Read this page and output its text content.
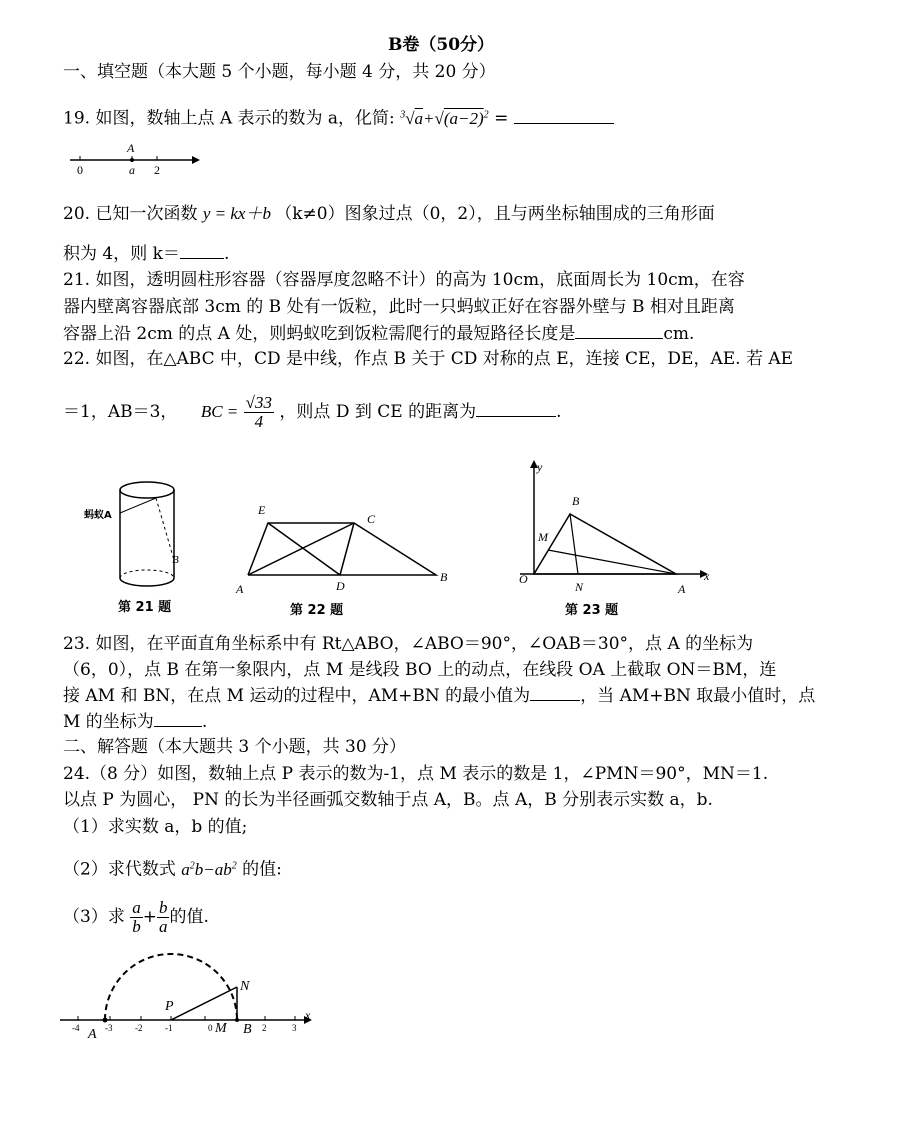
B卷（50分）
一、填空题（本大题 5 个小题，每小题 4 分，共 20 分）
19. 如图，数轴上点 A 表示的数为 a，化简: $^3√a+√(a-2)^2$ =
A
0	a 2
20. 已知一次函数 y = kx＋b （k≠0）图象过点（0，2），且与两坐标轴围成的三角形面
积为 4，则 k＝	.
21. 如图，透明圆柱形容器（容器厚度忽略不计）的高为 10cm，底面周长为 10cm，在容
器内壁离容器底部 3cm 的 B 处有一饭粒，此时一只蚂蚁正好在容器外壁与 B 相对且距离
容器上沿 2cm 的点 A 处，则蚂蚁吃到饭粒需爬行的最短路径长度是	cm.
22. 如图，在△ABC 中，CD 是中线，作点 B 关于 CD 对称的点 E，连接 CE，DE，AE. 若 AE
＝1，AB＝3， BC = $\frac{√33}{4}$ ，则点 D 到 CE 的距离为	.
蚂蚁A
B
第 21 题
E
C
A	D
B
第 22 题
y
B
M
O
N	A
x
第 23 题
23. 如图，在平面直角坐标系中有 Rt△ABO，∠ABO＝90°，∠OAB＝30°，点 A 的坐标为
（6，0），点 B 在第一象限内，点 M 是线段 BO 上的动点，在线段 OA 上截取 ON＝BM，连
接 AM 和 BN，在点 M 运动的过程中，AM+BN 的最小值为	，当 AM+BN 取最小值时，点
M 的坐标为	.
二、解答题（本大题共 3 个小题，共 30 分）
24.（8 分）如图，数轴上点 P 表示的数为-1，点 M 表示的数是 1，∠PMN＝90°，MN＝1.
以点 P 为圆心， PN 的长为半径画弧交数轴于点 A，B。点 A，B 分别表示实数 a，b.
（1）求实数 a，b 的值;
（2）求代数式 $a^2b-ab^2$ 的值:
（3）求 $\frac{a}{b} + \frac{b}{a}$ 的值.
-4	-3	-2	-1	0	2	3
A
P
M B
N
x
